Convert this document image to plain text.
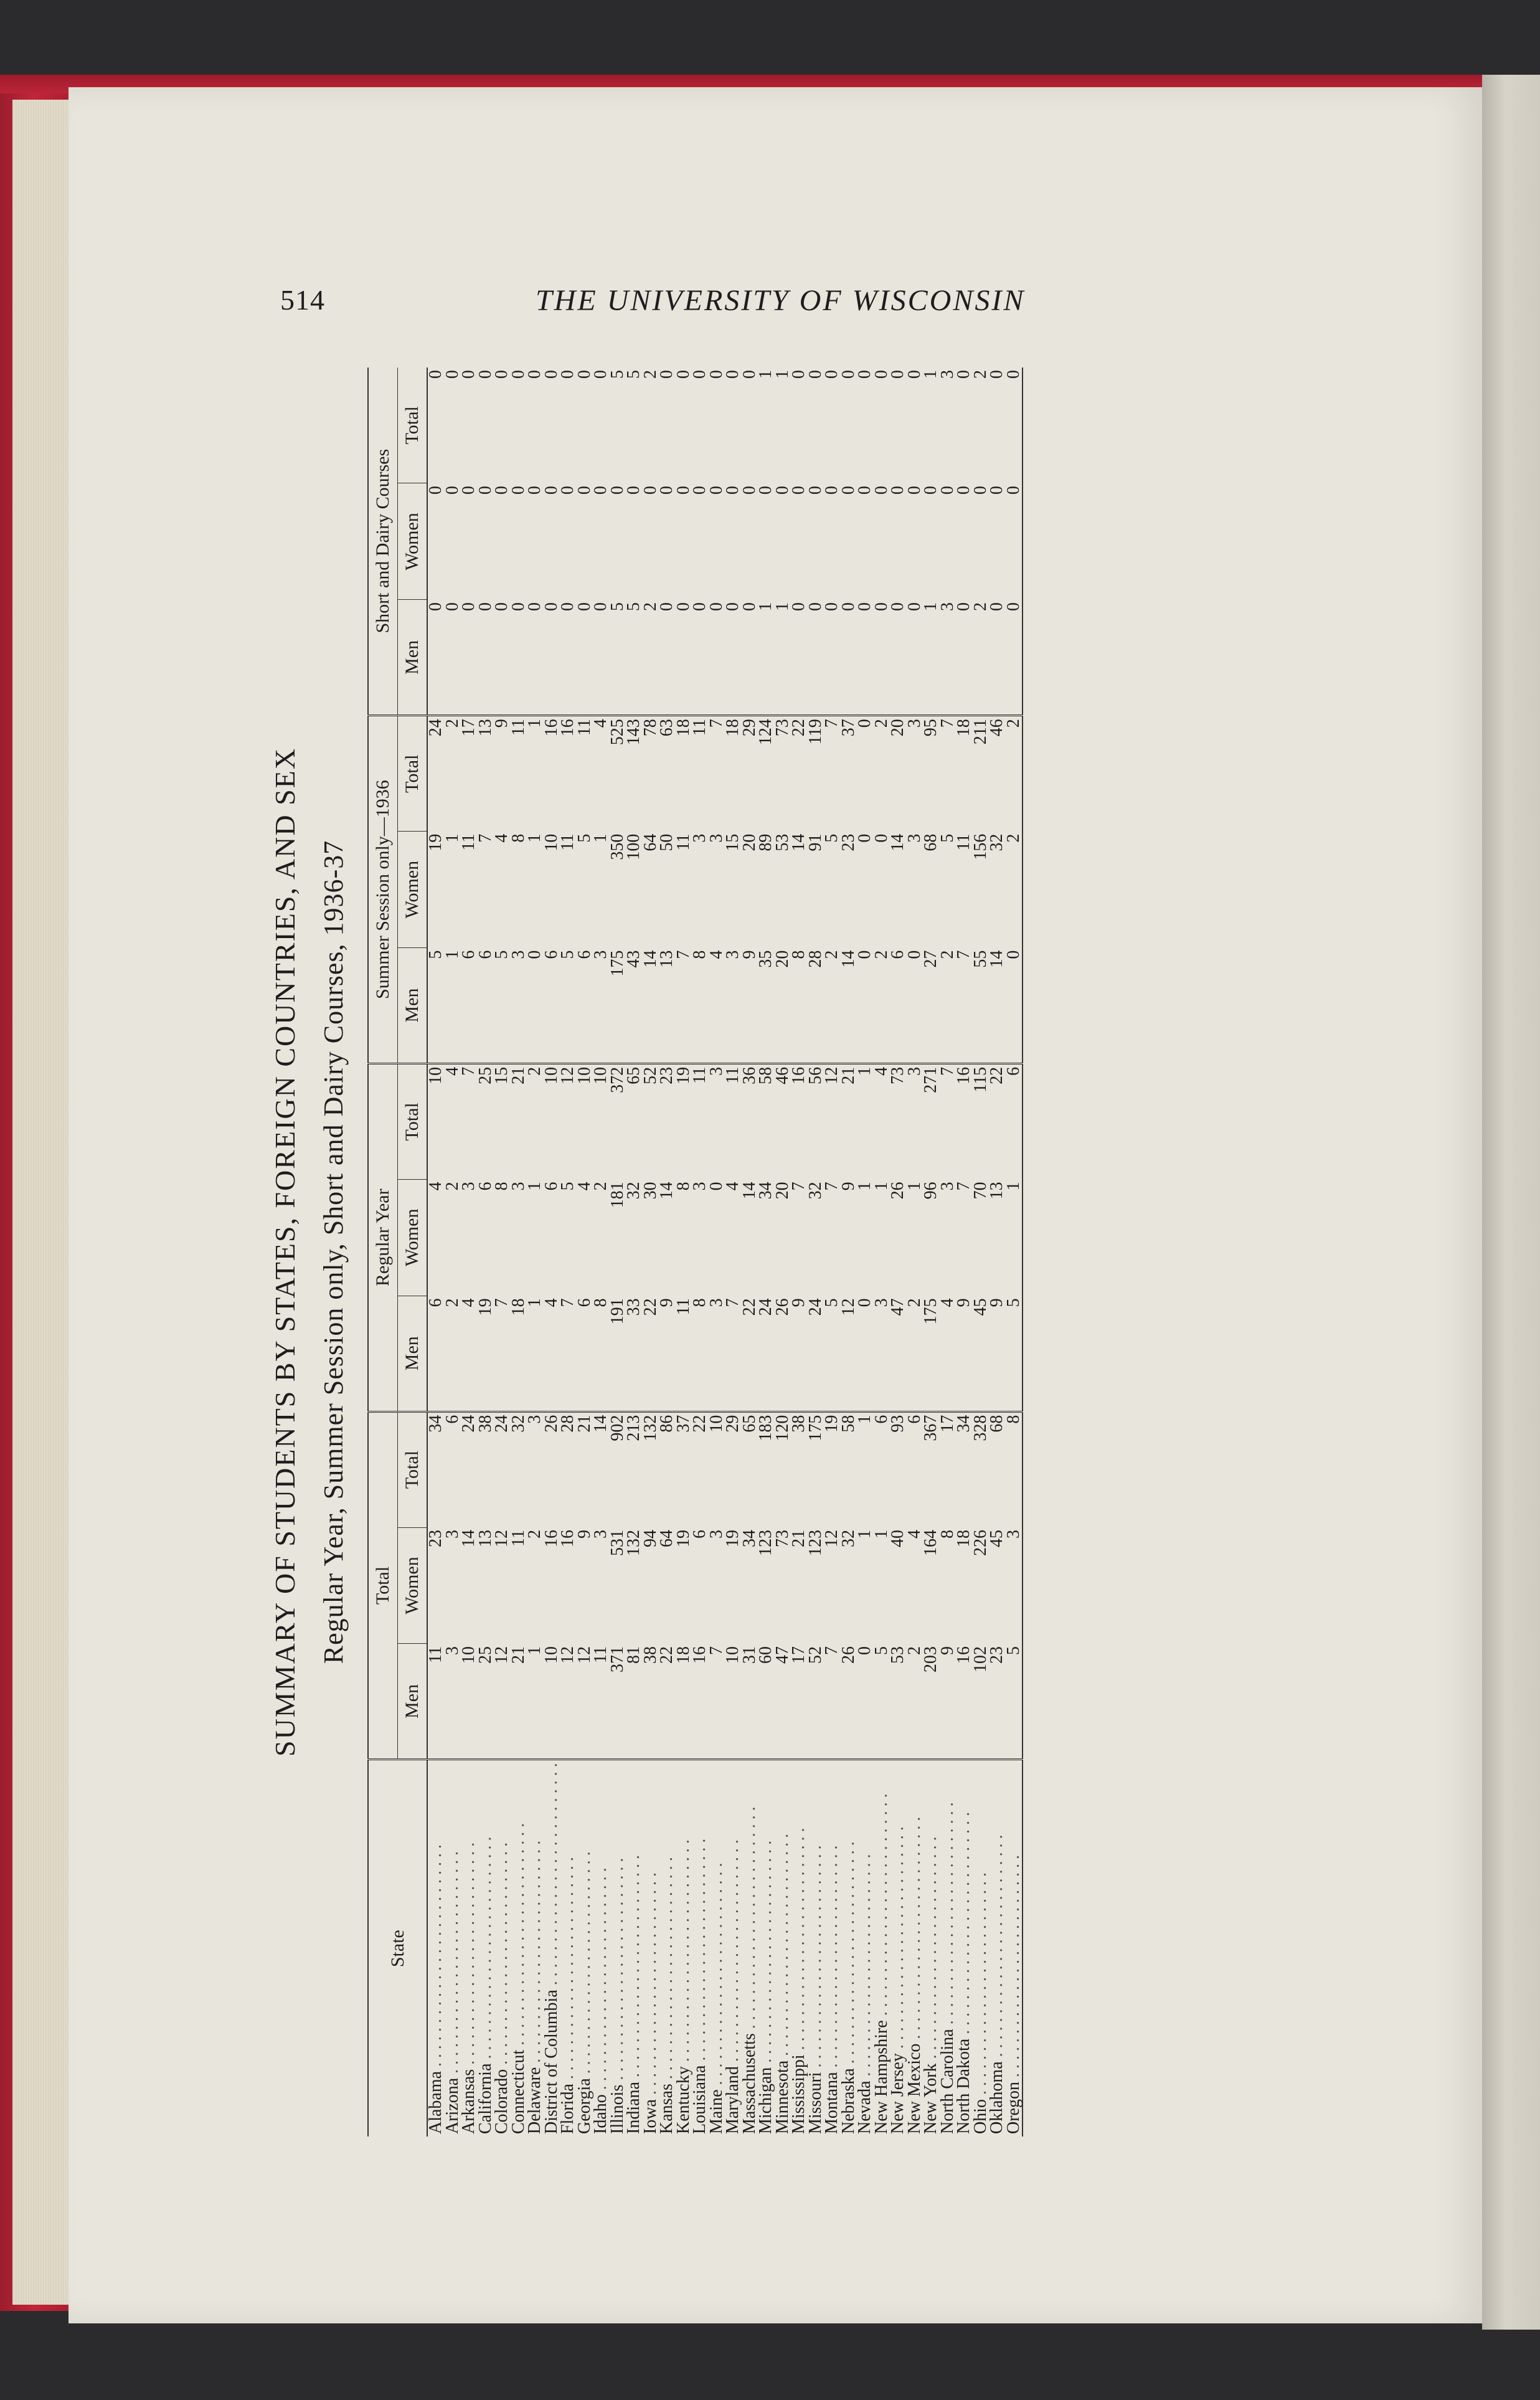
514	THE UNIVERSITY OF WISCONSIN
SUMMARY OF STUDENTS BY STATES, FOREIGN COUNTRIES, AND SEX Regular Year, Summer Session only, Short and Dairy Courses, 1936-37
State	Total			Regular Year			Summer Session only—1936			Short and Dairy Courses		
	Men	Women	Total	Men	Women	Total	Men	Women	Total	Men	Women	Total
Alabama . .	11	23	34	6	4	10	5	19	24	0	0	0
Arizona . .	3	3	6	2	2	4	1	1	2	0	0	0
Arkansas . .	10	14	24	4	3	7	6	11	17	0	0	0
California . .	25	13	38	19	6	25	6	7	13	0	0	0
Colorado . .	12	12	24	7	8	15	5	4	9	0	0	0
Connecticut . .	21	11	32	18	3	21	3	8	11	0	0	0
Delaware . .	1	2	3	1	1	2	0	1	1	0	0	0
District of Columbia . .	10	16	26	4	6	10	6	10	16	0	0	0
Florida . .	12	16	28	7	5	12	5	11	16	0	0	0
Georgia . .	12	9	21	6	4	10	6	5	11	0	0	0
Idaho . .	11	3	14	8	2	10	3	1	4	0	0	0
Illinois . .	371	531	902	191	181	372	175	350	525	5	0	5
Indiana . .	81	132	213	33	32	65	43	100	143	5	0	5
Iowa . .	38	94	132	22	30	52	14	64	78	2	0	2
Kansas . .	22	64	86	9	14	23	13	50	63	0	0	0
Kentucky . .	18	19	37	11	8	19	7	11	18	0	0	0
Louisiana . .	16	6	22	8	3	11	8	3	11	0	0	0
Maine . .	7	3	10	3	0	3	4	3	7	0	0	0
Maryland . .	10	19	29	7	4	11	3	15	18	0	0	0
Massachusetts . .	31	34	65	22	14	36	9	20	29	0	0	0
Michigan . .	60	123	183	24	34	58	35	89	124	1	0	1
Minnesota . .	47	73	120	26	20	46	20	53	73	1	0	1
Mississippi . .	17	21	38	9	7	16	8	14	22	0	0	0
Missouri . .	52	123	175	24	32	56	28	91	119	0	0	0
Montana . .	7	12	19	5	7	12	2	5	7	0	0	0
Nebraska . .	26	32	58	12	9	21	14	23	37	0	0	0
Nevada . .	0	1	1	0	1	1	0	0	0	0	0	0
New Hampshire . .	5	1	6	3	1	4	2	0	2	0	0	0
New Jersey . .	53	40	93	47	26	73	6	14	20	0	0	0
New Mexico . .	2	4	6	2	1	3	0	3	3	0	0	0
New York . .	203	164	367	175	96	271	27	68	95	1	0	1
North Carolina . .	9	8	17	4	3	7	2	5	7	3	0	3
North Dakota . .	16	18	34	9	7	16	7	11	18	0	0	0
Ohio . .	102	226	328	45	70	115	55	156	211	2	0	2
Oklahoma . .	23	45	68	9	13	22	14	32	46	0	0	0
Oregon . .	5	3	8	5	1	6	0	2	2	0	0	0
